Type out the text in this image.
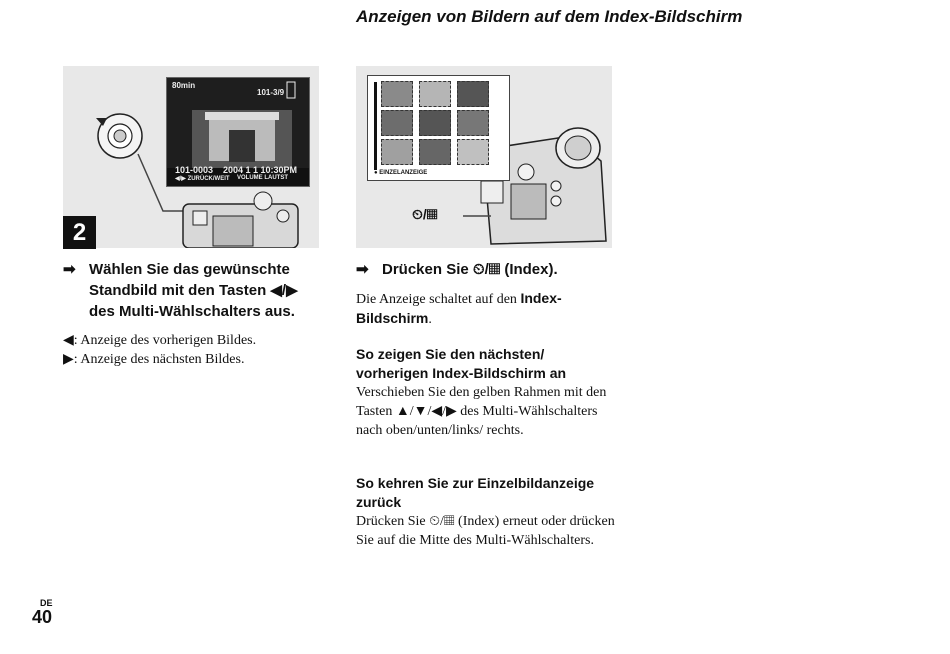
Anzeigen von Bildern auf dem Index-Bildschirm
80min
101-3/9
101-0003 2004 1 1 10:30PM
◀/▶ ZURÜCK/WEIT VOLUME LAUTST
2
● EINZELANZEIGE
⏲/▦
➡ Wählen Sie das gewünschte Standbild mit den Tasten ◀/▶ des Multi-Wählschalters aus.
◀: Anzeige des vorherigen Bildes.
▶: Anzeige des nächsten Bildes.
➡ Drücken Sie ⏲/▦ (Index).
Die Anzeige schaltet auf den Index-Bildschirm.
So zeigen Sie den nächsten/ vorherigen Index-Bildschirm an
Verschieben Sie den gelben Rahmen mit den Tasten ▲/▼/◀/▶ des Multi-Wählschalters nach oben/unten/links/ rechts.
So kehren Sie zur Einzelbildanzeige zurück
Drücken Sie ⏲/▦ (Index) erneut oder drücken Sie auf die Mitte des Multi-Wählschalters.
DE
40
